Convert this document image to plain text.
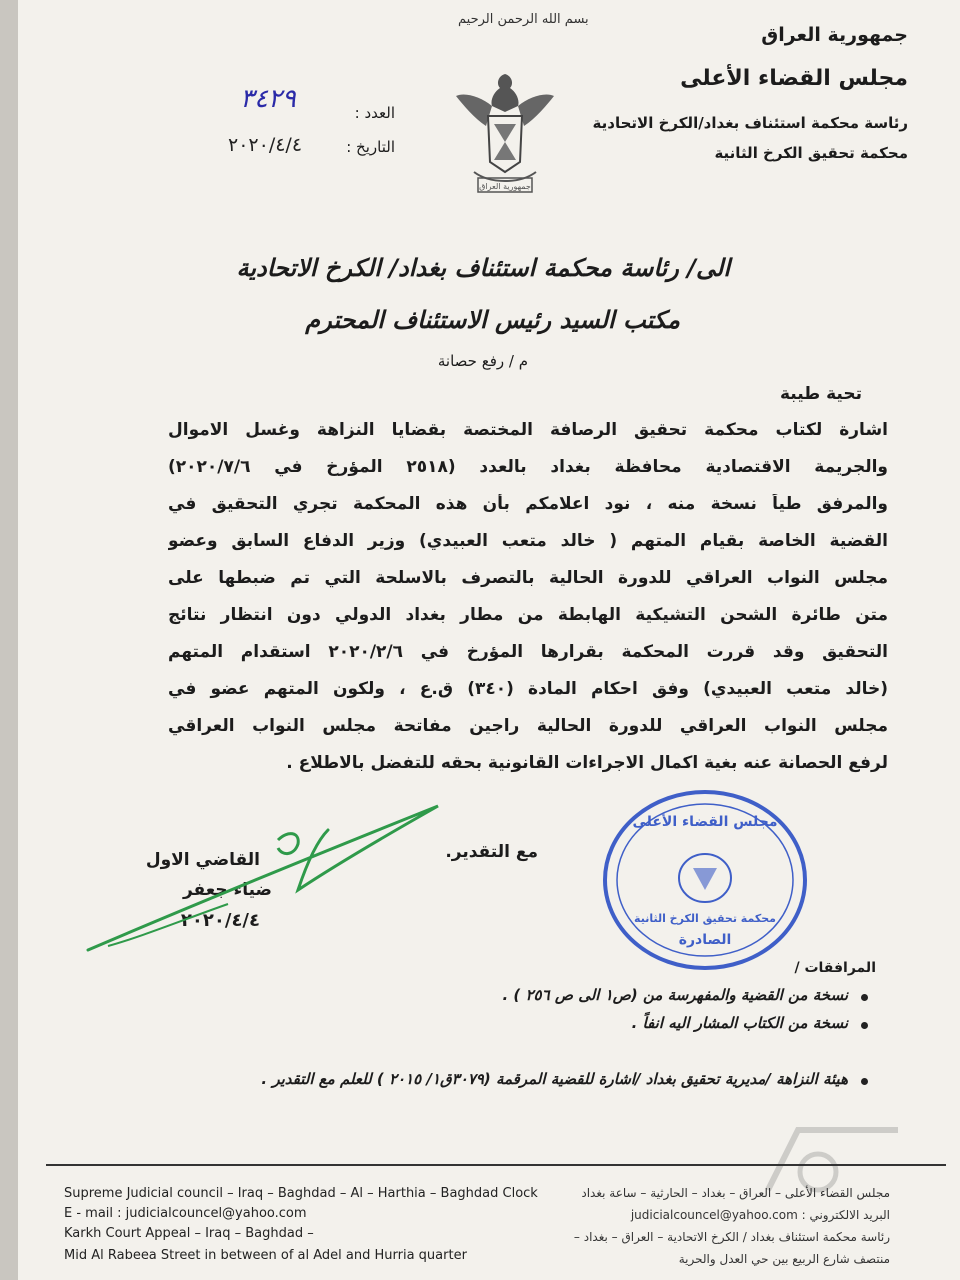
بسم الله الرحمن الرحيم
جمهورية العراق
مجلس القضاء الأعلى
رئاسة محكمة استئناف بغداد/الكرخ الاتحادية
محكمة تحقيق الكرخ الثانية
جمهورية العراق
العدد :
٣٤٢٩
التاريخ :
٢٠٢٠/٤/٤
الى/ رئاسة محكمة استئناف بغداد/ الكرخ الاتحادية
مكتب السيد رئيس الاستئناف المحترم
م / رفع حصانة
تحية طيبة
اشارة لكتاب محكمة تحقيق الرصافة المختصة بقضايا النزاهة وغسل الاموال
والجريمة الاقتصادية محافظة بغداد بالعدد (٢٥١٨ المؤرخ في ٢٠٢٠/٧/٦)
والمرفق طياً نسخة منه ، نود اعلامكم بأن هذه المحكمة تجري التحقيق في
القضية الخاصة بقيام المتهم ( خالد متعب العبيدي) وزير الدفاع السابق وعضو
مجلس النواب العراقي للدورة الحالية بالتصرف بالاسلحة التي تم ضبطها على
متن طائرة الشحن التشيكية الهابطة من مطار بغداد الدولي دون انتظار نتائج
التحقيق وقد قررت المحكمة بقرارها المؤرخ في ٢٠٢٠/٢/٦ استقدام المتهم
(خالد متعب العبيدي) وفق احكام المادة (٣٤٠) ق.ع ، ولكون المتهم عضو في
مجلس النواب العراقي للدورة الحالية راجين مفاتحة مجلس النواب العراقي
لرفع الحصانة عنه بغية اكمال الاجراءات القانونية بحقه للتفضل بالاطلاع .
مع التقدير.
القاضي الاول
ضياء جعفر
٢٠٢٠/٤/٤
مجلس القضاء الأعلى
محكمة تحقيق الكرخ الثانية
الصادرة
المرافقات /
نسخة من القضية والمفهرسة من (ص١ الى ص ٢٥٦ ) .
نسخة من الكتاب المشار اليه انفاً .
هيئة النزاهة /مديرية تحقيق بغداد /اشارة للقضية المرقمة (٣٠٧٩ق١/ ٢٠١٥ ) للعلم مع التقدير .
Supreme Judicial council – Iraq – Baghdad – Al – Harthia – Baghdad Clock
E - mail : judicialcouncel@yahoo.com
Karkh Court Appeal – Iraq – Baghdad –
Mid Al Rabeea Street in between of al Adel and Hurria quarter
مجلس القضاء الأعلى – العراق – بغداد – الحارثية – ساعة بغداد
البريد الالكتروني : judicialcouncel@yahoo.com
رئاسة محكمة استئناف بغداد / الكرخ الاتحادية – العراق – بغداد –
منتصف شارع الربيع بين حي العدل والحرية
